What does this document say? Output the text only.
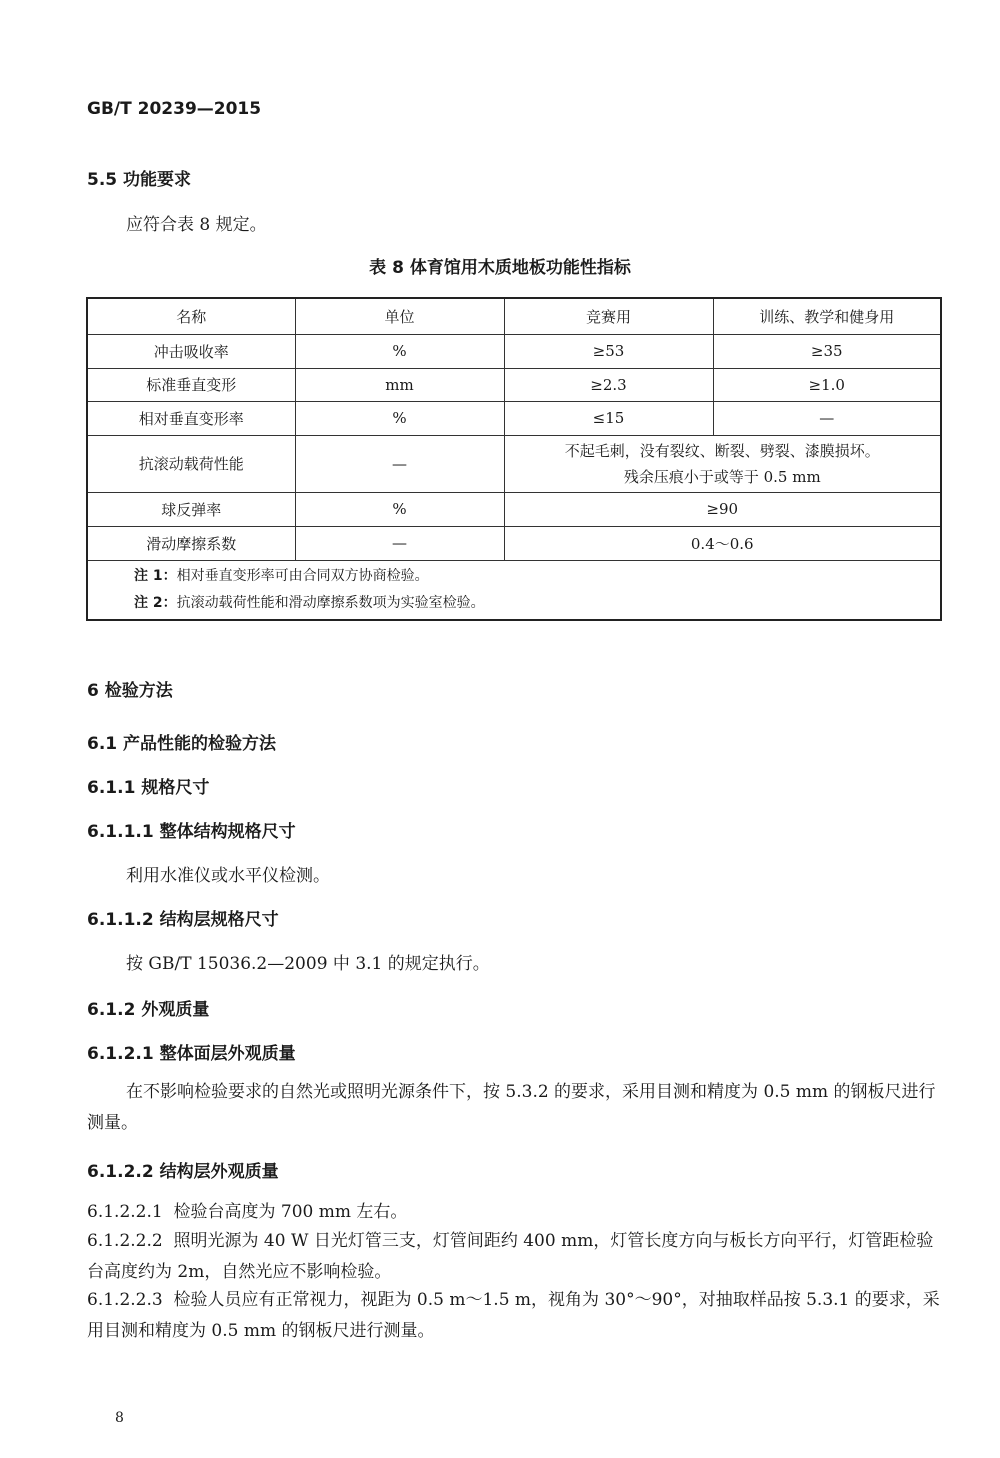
GB/T 20239—2015
5.5 功能要求
应符合表 8 规定。
表 8 体育馆用木质地板功能性指标
名称	单位	竞赛用	训练、教学和健身用
冲击吸收率	%	≥53	≥35
标准垂直变形	mm	≥2.3	≥1.0
相对垂直变形率	%	≤15	—
抗滚动载荷性能	—	不起毛刺，没有裂纹、断裂、劈裂、漆膜损坏。
残余压痕小于或等于 0.5 mm	

球反弹率	%	≥90	
滑动摩擦系数	—	0.4～0.6	

注 1：相对垂直变形率可由合同双方协商检验。
注 2：抗滚动载荷性能和滑动摩擦系数项为实验室检验。			
6 检验方法
6.1 产品性能的检验方法
6.1.1 规格尺寸
6.1.1.1 整体结构规格尺寸
利用水准仪或水平仪检测。
6.1.1.2 结构层规格尺寸
按 GB/T 15036.2—2009 中 3.1 的规定执行。
6.1.2 外观质量
6.1.2.1 整体面层外观质量
在不影响检验要求的自然光或照明光源条件下，按 5.3.2 的要求，采用目测和精度为 0.5 mm 的钢板尺进行测量。
6.1.2.2 结构层外观质量
6.1.2.2.1 检验台高度为 700 mm 左右。
6.1.2.2.2 照明光源为 40 W 日光灯管三支，灯管间距约 400 mm，灯管长度方向与板长方向平行，灯管距检验台高度约为 2m，自然光应不影响检验。
6.1.2.2.3 检验人员应有正常视力，视距为 0.5 m～1.5 m，视角为 30°～90°，对抽取样品按 5.3.1 的要求，采用目测和精度为 0.5 mm 的钢板尺进行测量。
8
